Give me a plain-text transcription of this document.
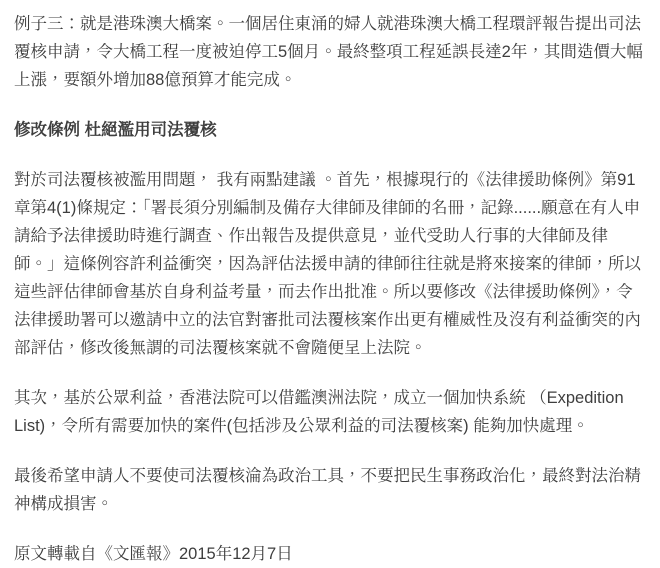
例子三：就是港珠澳大橋案。一個居住東涌的婦人就港珠澳大橋工程環評報告提出司法覆核申請，令大橋工程一度被迫停工5個月。最終整項工程延誤長達2年，其間造價大幅上漲，要額外增加88億預算才能完成。

修改條例 杜絕濫用司法覆核

對於司法覆核被濫用問題， 我有兩點建議 。首先，根據現行的《法律援助條例》第91章第4(1)條規定：「署長須分別編制及備存大律師及律師的名冊，記錄......願意在有人申請給予法律援助時進行調查、作出報告及提供意見，並代受助人行事的大律師及律師。」這條例容許利益衝突，因為評估法援申請的律師往往就是將來接案的律師，所以這些評估律師會基於自身利益考量，而去作出批准。所以要修改《法律援助條例》，令法律援助署可以邀請中立的法官對審批司法覆核案作出更有權威性及沒有利益衝突的內部評估，修改後無謂的司法覆核案就不會隨便呈上法院。

其次，基於公眾利益，香港法院可以借鑑澳洲法院，成立一個加快系統 （Expedition List)，令所有需要加快的案件(包括涉及公眾利益的司法覆核案) 能夠加快處理。

最後希望申請人不要使司法覆核淪為政治工具，不要把民生事務政治化，最終對法治精神構成損害。

原文轉載自《文匯報》2015年12月7日
